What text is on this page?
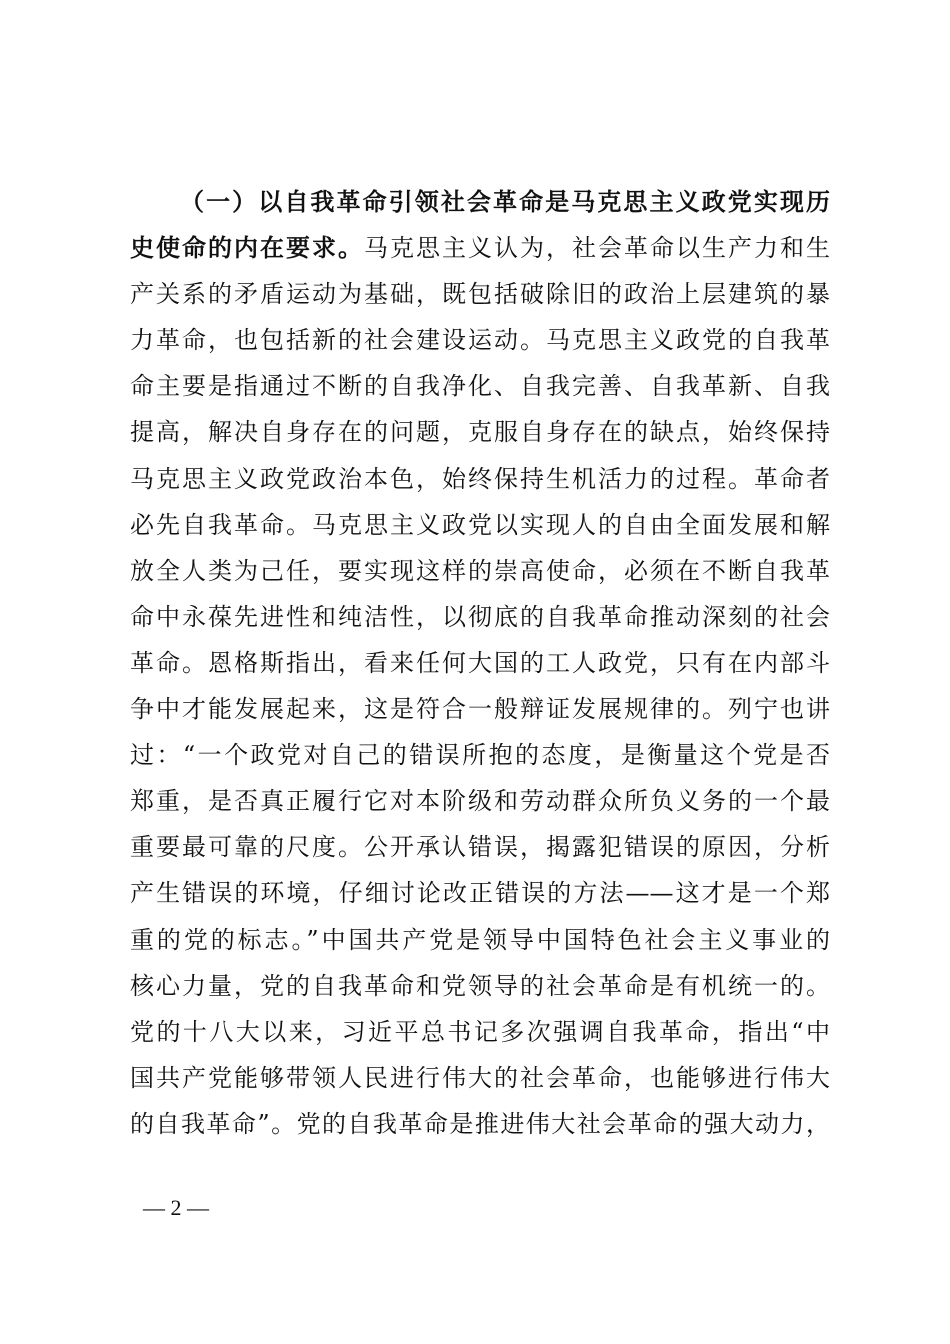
（一）以自我革命引领社会革命是马克思主义政党实现历
史使命的内在要求。马克思主义认为，社会革命以生产力和生
产关系的矛盾运动为基础，既包括破除旧的政治上层建筑的暴
力革命，也包括新的社会建设运动。马克思主义政党的自我革
命主要是指通过不断的自我净化、自我完善、自我革新、自我
提高，解决自身存在的问题，克服自身存在的缺点，始终保持
马克思主义政党政治本色，始终保持生机活力的过程。革命者
必先自我革命。马克思主义政党以实现人的自由全面发展和解
放全人类为己任，要实现这样的崇高使命，必须在不断自我革
命中永葆先进性和纯洁性，以彻底的自我革命推动深刻的社会
革命。恩格斯指出，看来任何大国的工人政党，只有在内部斗
争中才能发展起来，这是符合一般辩证发展规律的。列宁也讲
过：“一个政党对自己的错误所抱的态度，是衡量这个党是否
郑重，是否真正履行它对本阶级和劳动群众所负义务的一个最
重要最可靠的尺度。公开承认错误，揭露犯错误的原因，分析
产生错误的环境，仔细讨论改正错误的方法——这才是一个郑
重的党的标志。”中国共产党是领导中国特色社会主义事业的
核心力量，党的自我革命和党领导的社会革命是有机统一的。
党的十八大以来，习近平总书记多次强调自我革命，指出“中
国共产党能够带领人民进行伟大的社会革命，也能够进行伟大
的自我革命”。党的自我革命是推进伟大社会革命的强大动力，
— 2 —
